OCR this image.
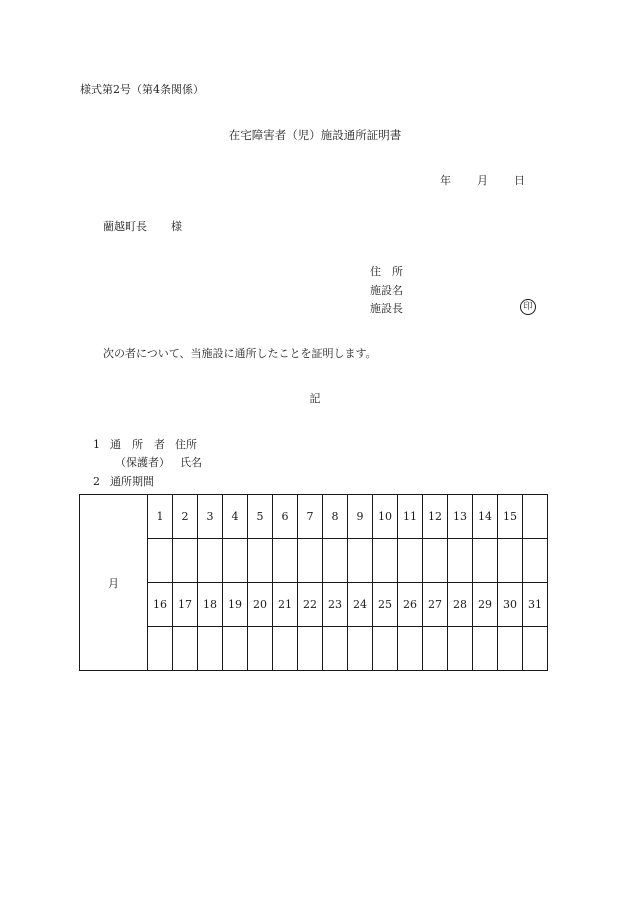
様式第2号（第4条関係）
在宅障害者（児）施設通所証明書
年 月 日
藺越町長 様
住　所
施設名
施設長	印
次の者について、当施設に通所したことを証明します。
記
1 通　所　者 住所
（保護者） 氏名
2 通所期間
月	1	2	3	4	5	6	7	8	9	10	11	12	13	14	15	

	16	17	18	19	20	21	22	23	24	25	26	27	28	29	30	31
